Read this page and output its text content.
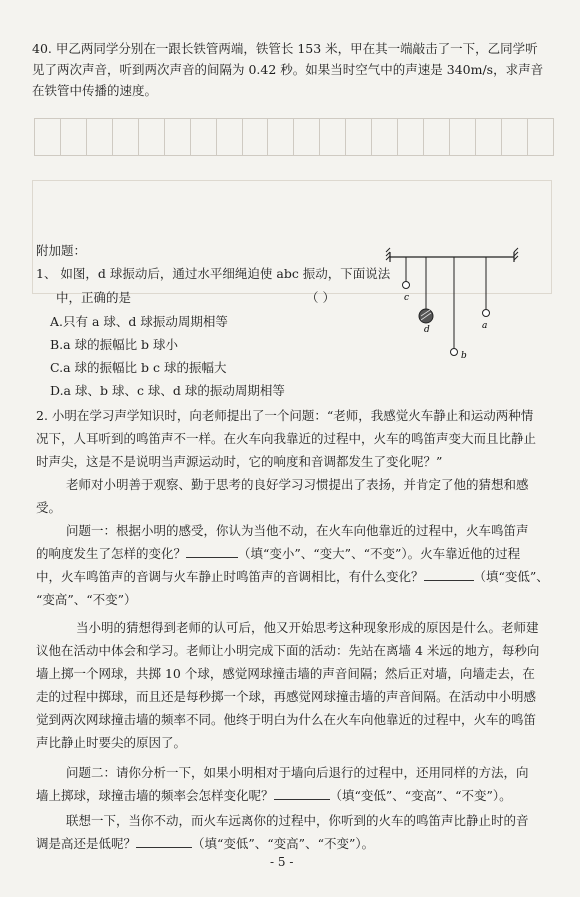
40. 甲乙两同学分别在一跟长铁管两端，铁管长 153 米，甲在其一端敲击了一下，乙同学听
见了两次声音，听到两次声音的间隔为 0.42 秒。如果当时空气中的声速是 340m/s，求声音
在铁管中传播的速度。
附加题：
1、 如图，d 球振动后，通过水平细绳迫使 abc 振动，下面说法
中，正确的是	（ ）
A.只有 a 球、d 球振动周期相等
B.a 球的振幅比 b 球小
C.a 球的振幅比 b c 球的振幅大
D.a 球、b 球、c 球、d 球的振动周期相等
c
d
b
a
2. 小明在学习声学知识时，向老师提出了一个问题：“老师，我感觉火车静止和运动两种情
况下，人耳听到的鸣笛声不一样。在火车向我靠近的过程中，火车的鸣笛声变大而且比静止
时声尖，这是不是说明当声源运动时，它的响度和音调都发生了变化呢？”
老师对小明善于观察、勤于思考的良好学习习惯提出了表扬，并肯定了他的猜想和感
受。
问题一：根据小明的感受，你认为当他不动，在火车向他靠近的过程中，火车鸣笛声
的响度发生了怎样的变化？	（填“变小”、“变大”、“不变”）。火车靠近他的过程
中，火车鸣笛声的音调与火车静止时鸣笛声的音调相比，有什么变化？	（填“变低”、
“变高”、“不变”）
当小明的猜想得到老师的认可后，他又开始思考这种现象形成的原因是什么。老师建
议他在活动中体会和学习。老师让小明完成下面的活动：先站在离墙 4 米远的地方，每秒向
墙上掷一个网球，共掷 10 个球，感觉网球撞击墙的声音间隔；然后正对墙，向墙走去，在
走的过程中掷球，而且还是每秒掷一个球，再感觉网球撞击墙的声音间隔。在活动中小明感
觉到两次网球撞击墙的频率不同。他终于明白为什么在火车向他靠近的过程中，火车的鸣笛
声比静止时要尖的原因了。
问题二：请你分析一下，如果小明相对于墙向后退行的过程中，还用同样的方法，向
墙上掷球，球撞击墙的频率会怎样变化呢？	（填“变低”、“变高”、“不变”）。
联想一下，当你不动，而火车远离你的过程中，你听到的火车的鸣笛声比静止时的音
调是高还是低呢？	（填“变低”、“变高”、“不变”）。
- 5 -
